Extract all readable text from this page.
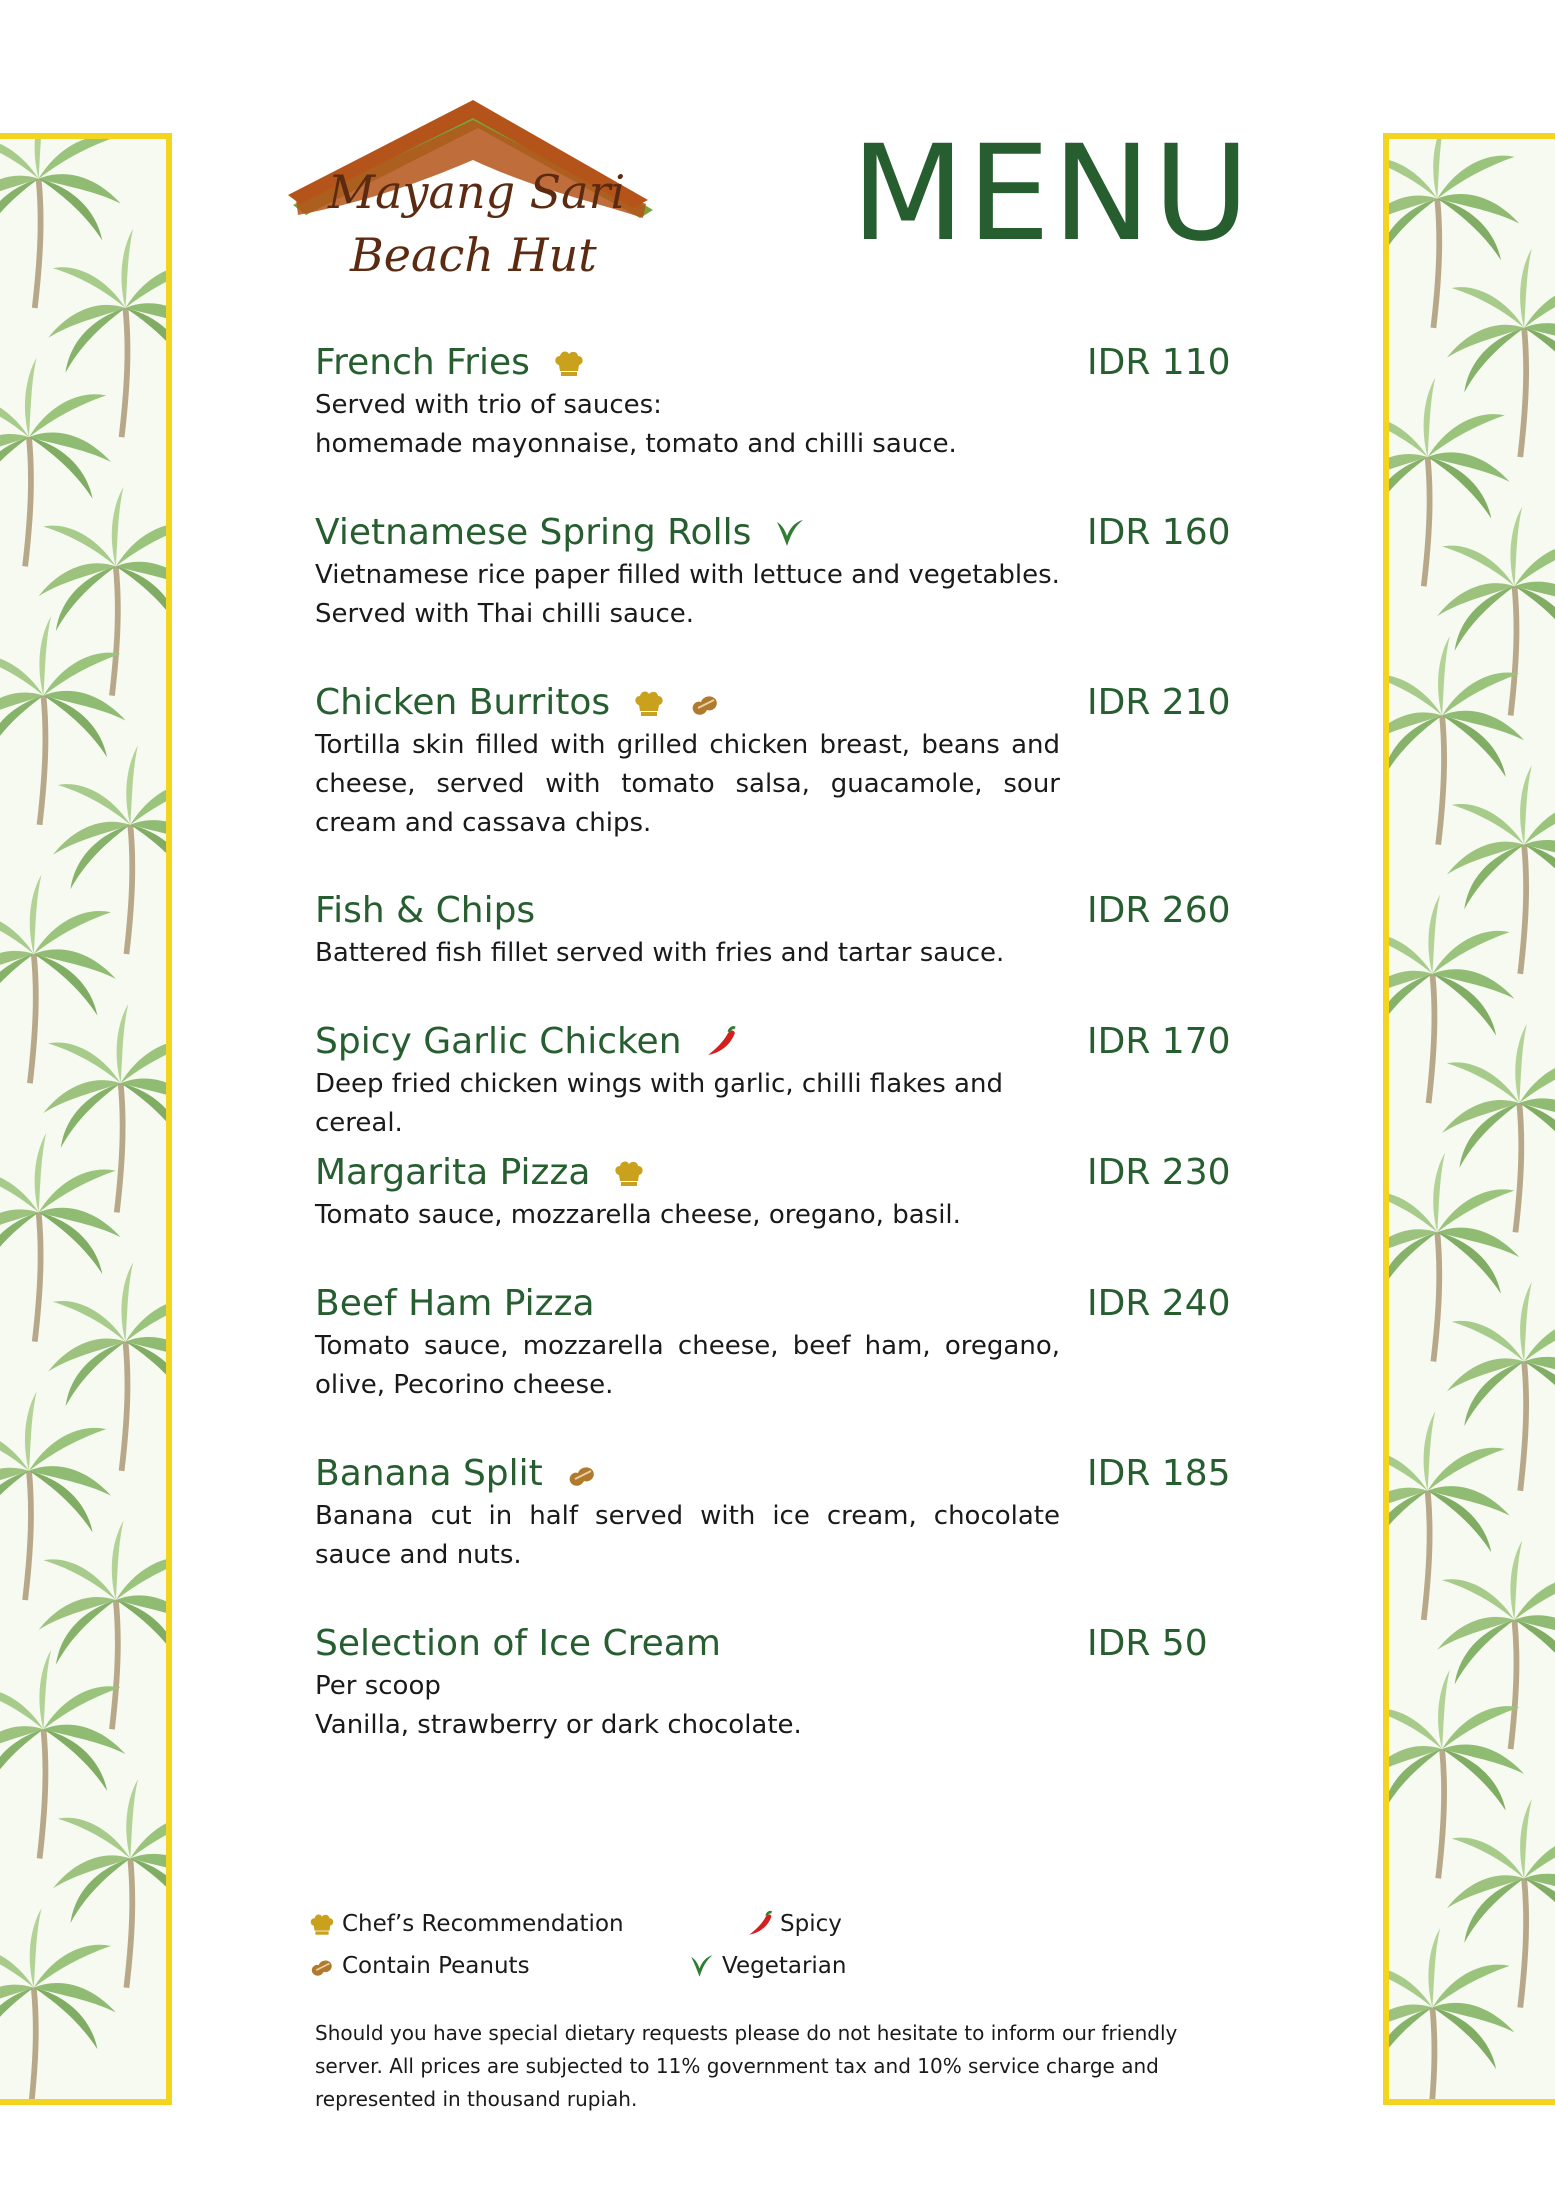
Mayang Sari
Beach Hut MENU
French Fries	IDR 110

Served with trio of sauces:

homemade mayonnaise, tomato and chilli sauce.

Vietnamese Spring Rolls	IDR 160

Vietnamese rice paper filled with lettuce and vegetables.

Served with Thai chilli sauce.

Chicken Burritos	IDR 210

Tortilla skin filled with grilled chicken breast, beans and cheese, served with tomato salsa, guacamole, sour cream and cassava chips.

Fish & Chips	IDR 260

Battered fish fillet served with fries and tartar sauce.

Spicy Garlic Chicken	IDR 170

Deep fried chicken wings with garlic, chilli flakes and cereal.

Margarita Pizza	IDR 230

Tomato sauce, mozzarella cheese, oregano, basil.

Beef Ham Pizza	IDR 240

Tomato sauce, mozzarella cheese, beef ham, oregano, olive, Pecorino cheese.

Banana Split	IDR 185

Banana cut in half served with ice cream, chocolate sauce and nuts.

Selection of Ice Cream	IDR 50

Per scoop

Vanilla, strawberry or dark chocolate.

Chef’s Recommendation	Spicy
Contain Peanuts	Vegetarian
Should you have special dietary requests please do not hesitate to inform our friendly server. All prices are subjected to 11% government tax and 10% service charge and represented in thousand rupiah.
